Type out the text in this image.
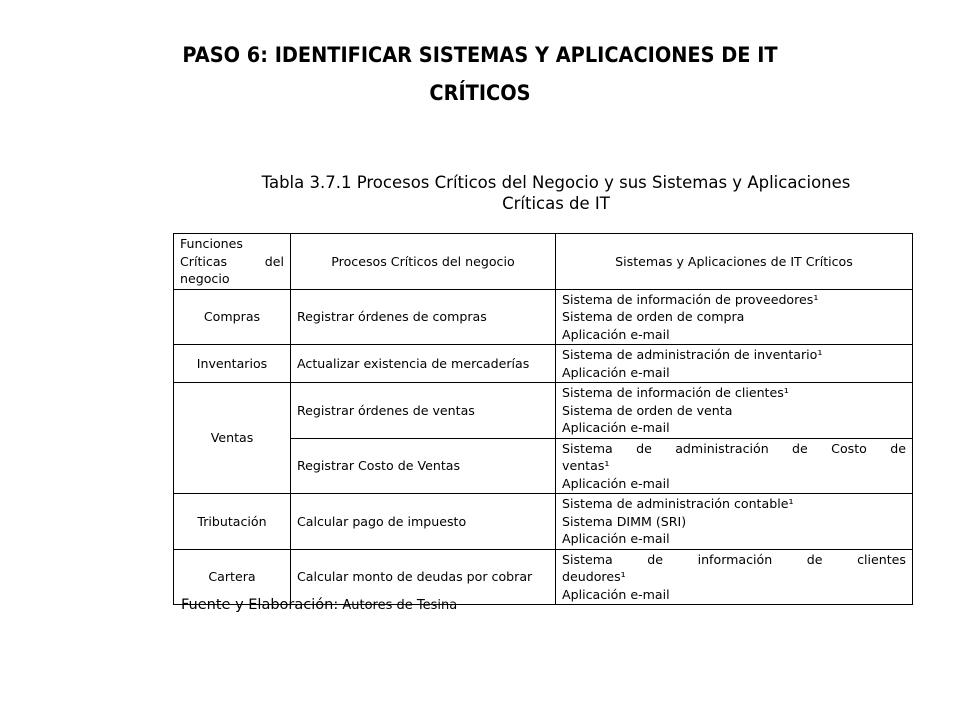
PASO 6: IDENTIFICAR SISTEMAS Y APLICACIONES DE IT
CRÍTICOS
Tabla 3.7.1 Procesos Críticos del Negocio y sus Sistemas y Aplicaciones
Críticas de IT
Funciones
Críticas del
negocio	Procesos Críticos del negocio	Sistemas y Aplicaciones de IT Críticos
Compras	Registrar órdenes de compras	Sistema de información de proveedores¹
Sistema de orden de compra
Aplicación e-mail

Inventarios	Actualizar existencia de mercaderías	Sistema de administración de inventario¹
Aplicación e-mail

Ventas	Registrar órdenes de ventas	Sistema de información de clientes¹
Sistema de orden de venta
Aplicación e-mail

	Registrar Costo de Ventas	Sistema de administración de Costo de
ventas¹
Aplicación e-mail

Tributación	Calcular pago de impuesto	Sistema de administración contable¹
Sistema DIMM (SRI)
Aplicación e-mail

Cartera	Calcular monto de deudas por cobrar	Sistema de información de clientes
deudores¹
Aplicación e-mail
Fuente y Elaboración: Autores de Tesina
